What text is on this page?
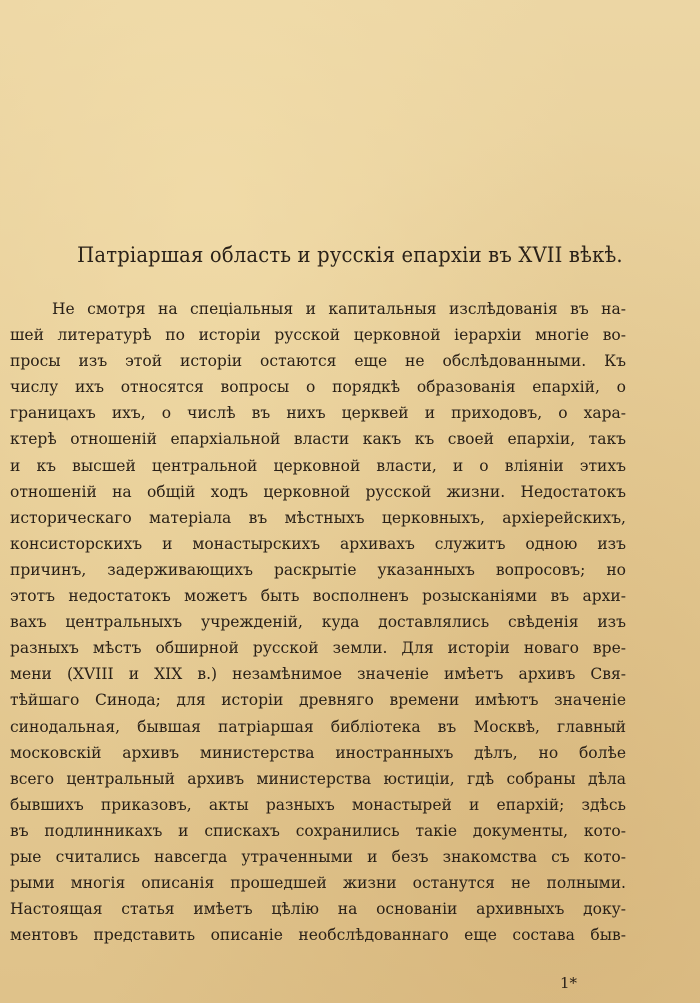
Патріаршая область и русскія епархіи въ XVII вѣкѣ.
Не смотря на спеціальныя и капитальныя изслѣдованія въ на-
шей литературѣ по исторіи русской церковной іерархіи многіе во-
просы изъ этой исторіи остаются еще не обслѣдованными. Къ
числу ихъ относятся вопросы о порядкѣ образованія епархій, о
границахъ ихъ, о числѣ въ нихъ церквей и приходовъ, о хара-
ктерѣ отношеній епархіальной власти какъ къ своей епархіи, такъ
и къ высшей центральной церковной власти, и о вліяніи этихъ
отношеній на общій ходъ церковной русской жизни. Недостатокъ
историческаго матеріала въ мѣстныхъ церковныхъ, архіерейскихъ,
консисторскихъ и монастырскихъ архивахъ служитъ одною изъ
причинъ, задерживающихъ раскрытіе указанныхъ вопросовъ; но
этотъ недостатокъ можетъ быть восполненъ розысканіями въ архи-
вахъ центральныхъ учрежденій, куда доставлялись свѣденія изъ
разныхъ мѣстъ обширной русской земли. Для исторіи новаго вре-
мени (XVIII и XIX в.) незамѣнимое значеніе имѣетъ архивъ Свя-
тѣйшаго Синода; для исторіи древняго времени имѣютъ значеніе
синодальная, бывшая патріаршая библіотека въ Москвѣ, главный
московскій архивъ министерства иностранныхъ дѣлъ, но болѣе
всего центральный архивъ министерства юстиціи, гдѣ собраны дѣла
бывшихъ приказовъ, акты разныхъ монастырей и епархій; здѣсь
въ подлинникахъ и спискахъ сохранились такіе документы, кото-
рые считались навсегда утраченными и безъ знакомства съ кото-
рыми многія описанія прошедшей жизни останутся не полными.
Настоящая статья имѣетъ цѣлію на основаніи архивныхъ доку-
ментовъ представить описаніе необслѣдованнаго еще состава быв-
1*
